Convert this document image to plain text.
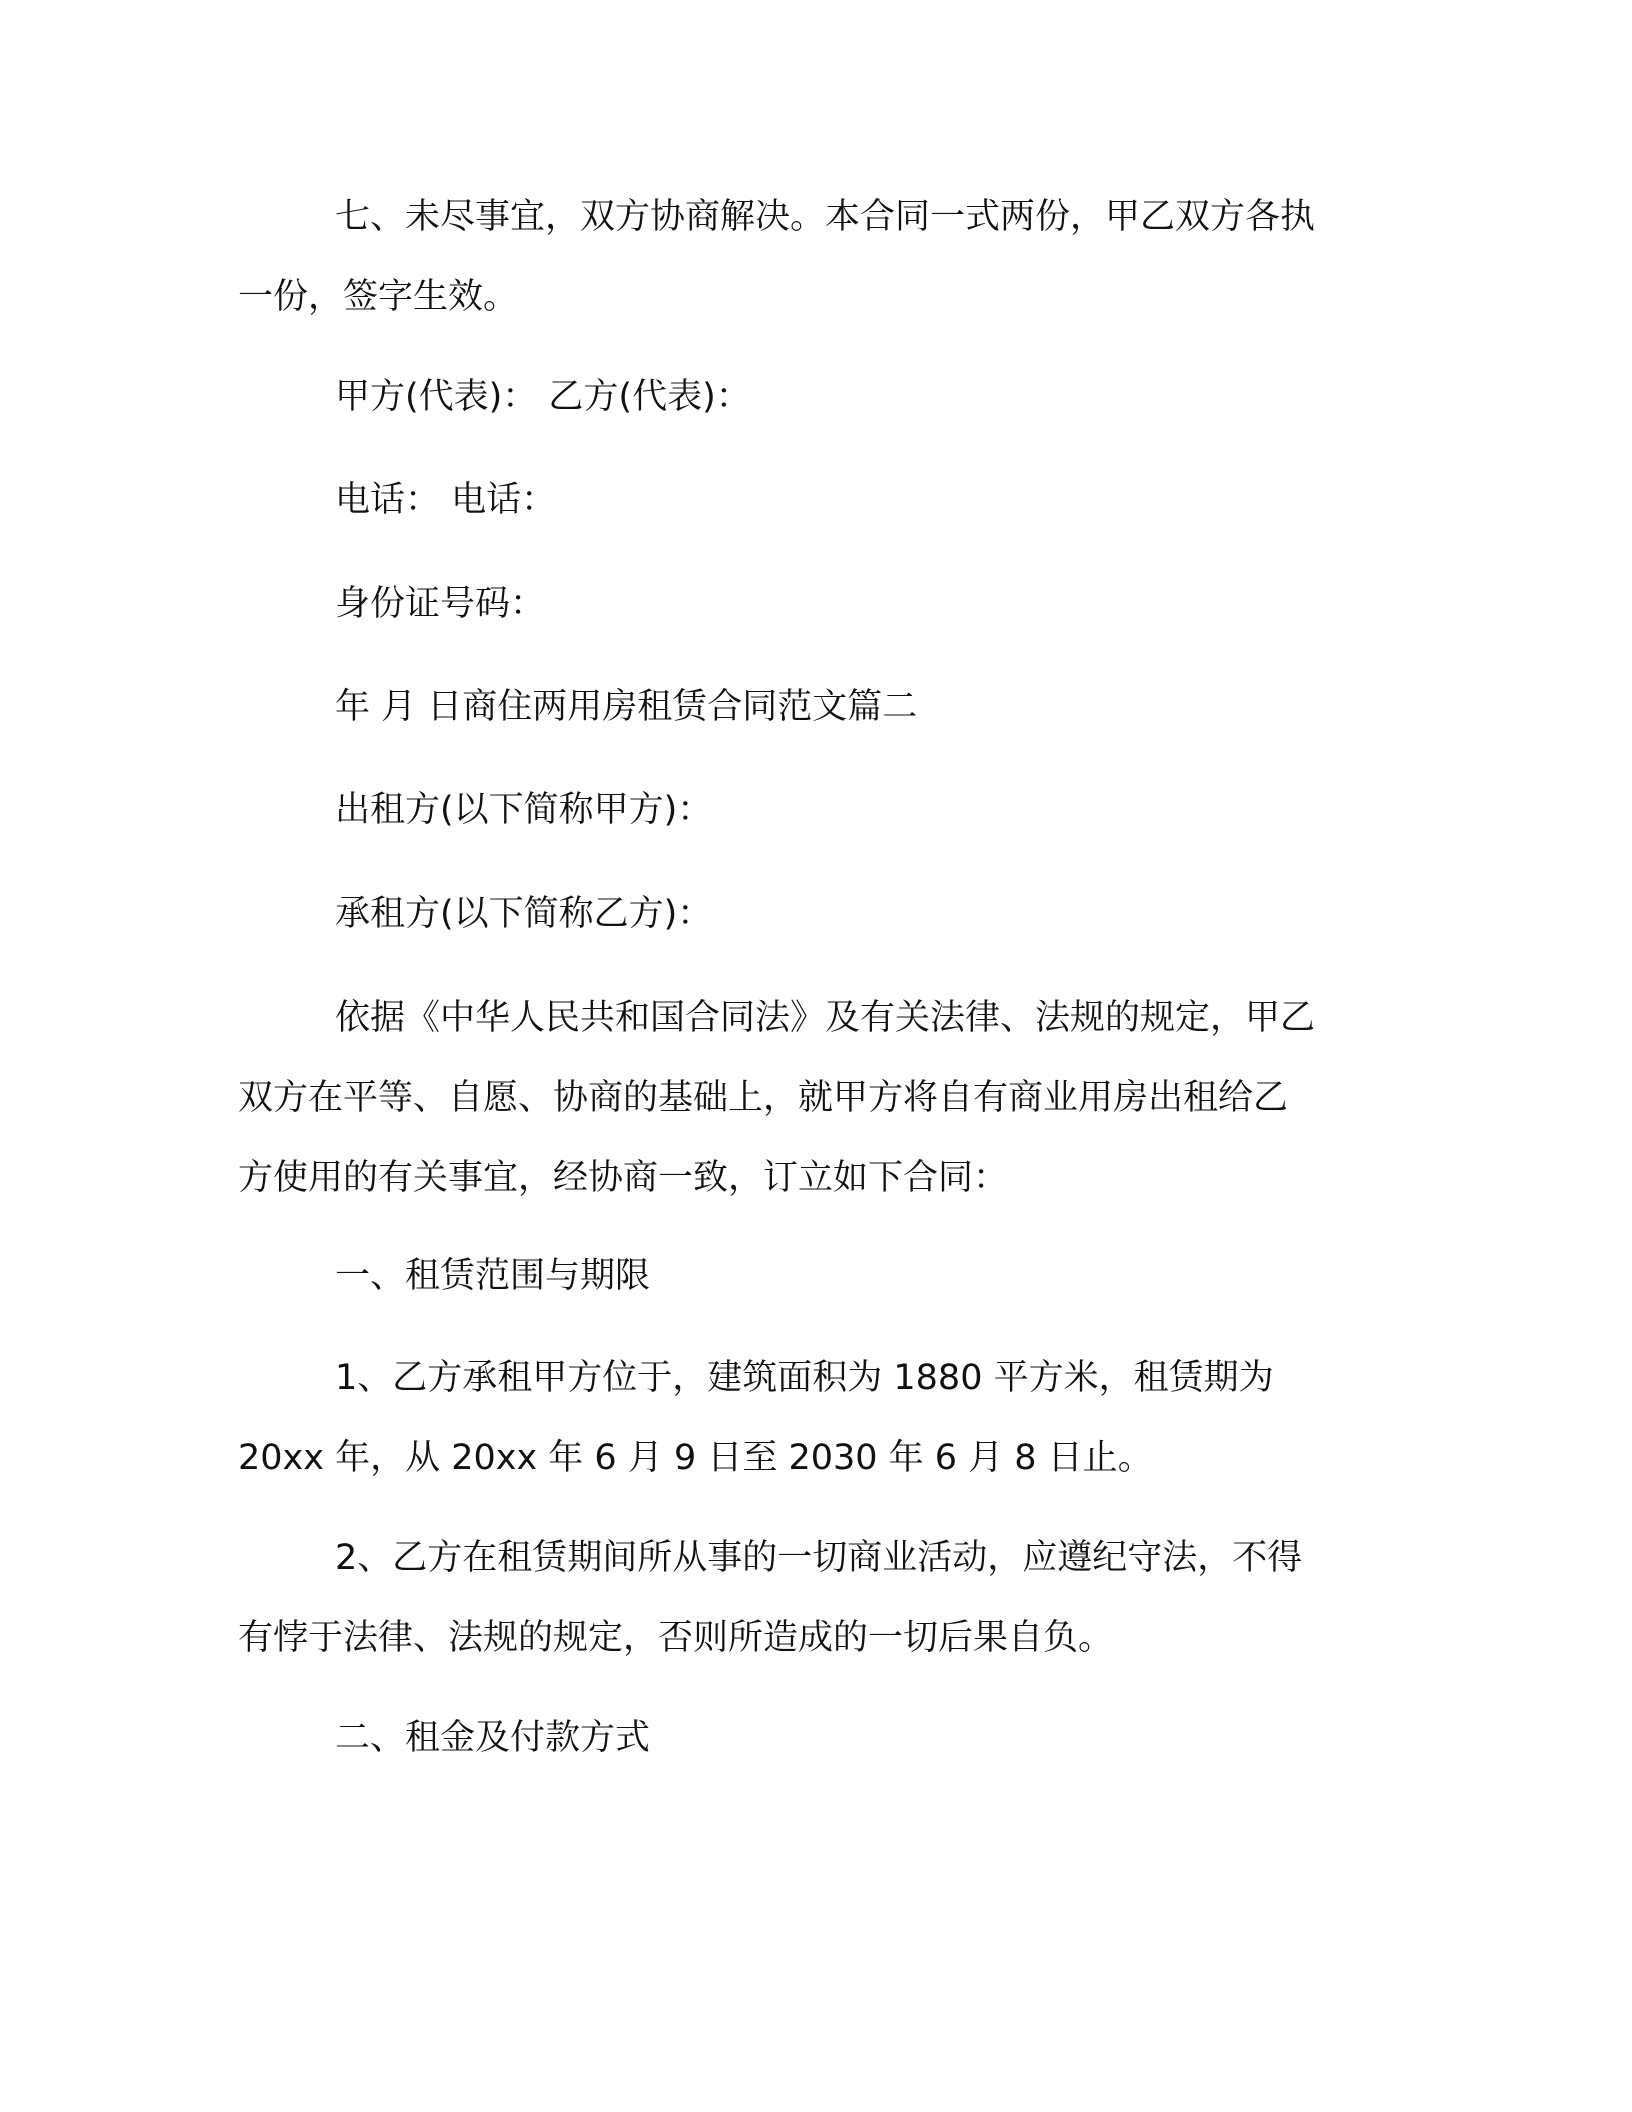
七、未尽事宜，双方协商解决。本合同一式两份，甲乙双方各执
一份，签字生效。

甲方(代表)： 乙方(代表)：

电话： 电话：

身份证号码：

年 月 日商住两用房租赁合同范文篇二

出租方(以下简称甲方)：

承租方(以下简称乙方)：

依据《中华人民共和国合同法》及有关法律、法规的规定，甲乙
双方在平等、自愿、协商的基础上，就甲方将自有商业用房出租给乙
方使用的有关事宜，经协商一致，订立如下合同：

一、租赁范围与期限

1、乙方承租甲方位于，建筑面积为 1880 平方米，租赁期为
20xx 年，从 20xx 年 6 月 9 日至 2030 年 6 月 8 日止。

2、乙方在租赁期间所从事的一切商业活动，应遵纪守法，不得
有悖于法律、法规的规定，否则所造成的一切后果自负。

二、租金及付款方式
